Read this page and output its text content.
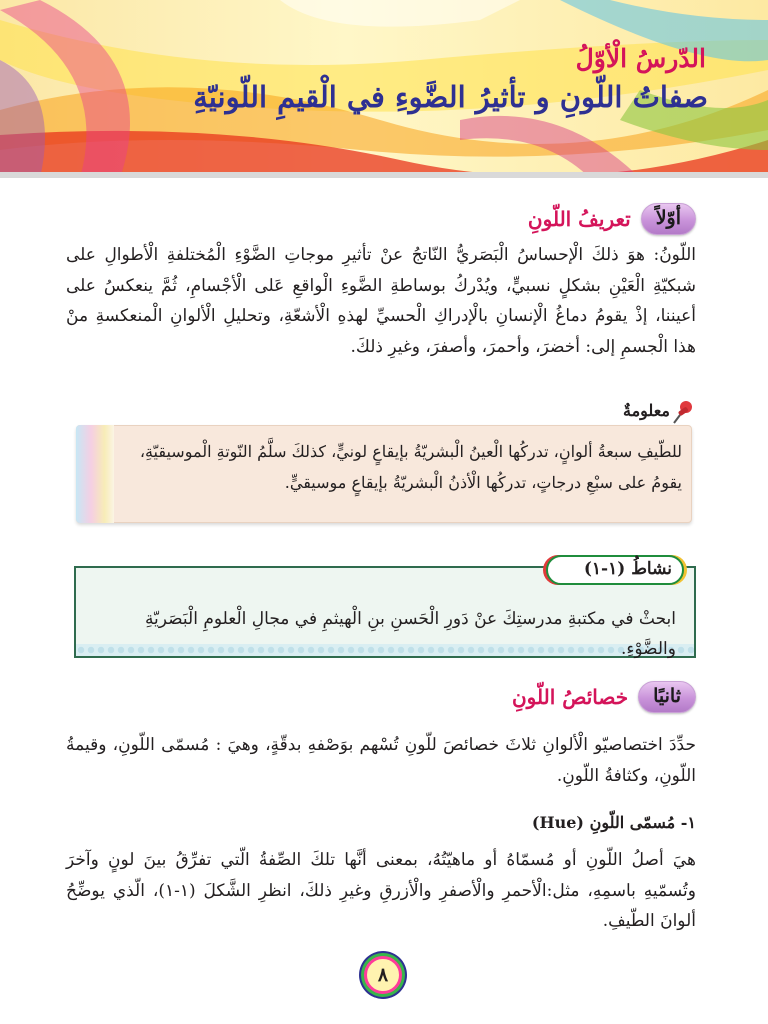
الدّرسُ الْأوّلُ
صفاتُ اللّونِ و تأثيرُ الضَّوءِ في الْقيمِ اللّونيّةِ
أوّلاً
تعريفُ اللّونِ

اللّونُ: هوَ ذلكَ الْإحساسُ الْبَصَريُّ النّاتجُ عنْ تأثيرِ موجاتِ الضَّوْءِ الْمُختلفةِ الْأطوالِ على شبكيّةِ الْعَيْنِ بشكلٍ نسبيٍّ، ويُدْركُ بوساطةِ الضَّوءِ الْواقعِ عَلى الْأجْسامِ، ثُمَّ ينعكسُ على أعيننا، إذْ يقومُ دماغُ الْإنسانِ بالْإدراكِ الْحسيِّ لهذهِ الْأشعّةِ، وتحليلِ الْألوانِ الْمنعكسةِ منْ هذا الْجسمِ إلى: أخضرَ، وأحمرَ، وأصفرَ، وغيرِ ذلكَ.

معلومةٌ
للطّيفِ سبعةُ ألوانٍ، تدركُها الْعينُ الْبشريّةُ بإيقاعٍ لونيٍّ، كذلكَ سلَّمُ النّوتةِ الْموسيقيّةِ،
يقومُ على سبْعِ درجاتٍ، تدركُها الْأذنُ الْبشريّةُ بإيقاعٍ موسيقيٍّ.
نشاطُ (١-١)
ابحثْ في مكتبةِ مدرستِكَ عنْ دَورِ الْحَسنِ بنِ الْهيثمِ في مجالِ الْعلومِ الْبَصَريّةِ والضَّوْءِ.
ثانيًا
خصائصُ اللّونِ

حدِّدَ اختصاصيّو الْألوانِ ثلاثَ خصائصَ للّونِ تُسْهم بوَصْفهِ بدقّةٍ، وهيَ : مُسمّى اللّونِ، وقيمةُ اللّونِ، وكثافةُ اللّونِ.

١- مُسمّى اللّونِ (Hue)

هيَ أصلُ اللّونِ أو مُسمّاهُ أو ماهيّتُهُ، بمعنى أنَّها تلكَ الصِّفةُ الّتي تفرِّقُ بينَ لونٍ وآخرَ وتُسمّيهِ باسمِهِ، مثل:الْأحمرِ والْأصفرِ والْأزرقِ وغيرِ ذلكَ، انظرِ الشَّكلَ (١-١)، الّذي يوضِّحُ ألوانَ الطّيفِ.

٨
